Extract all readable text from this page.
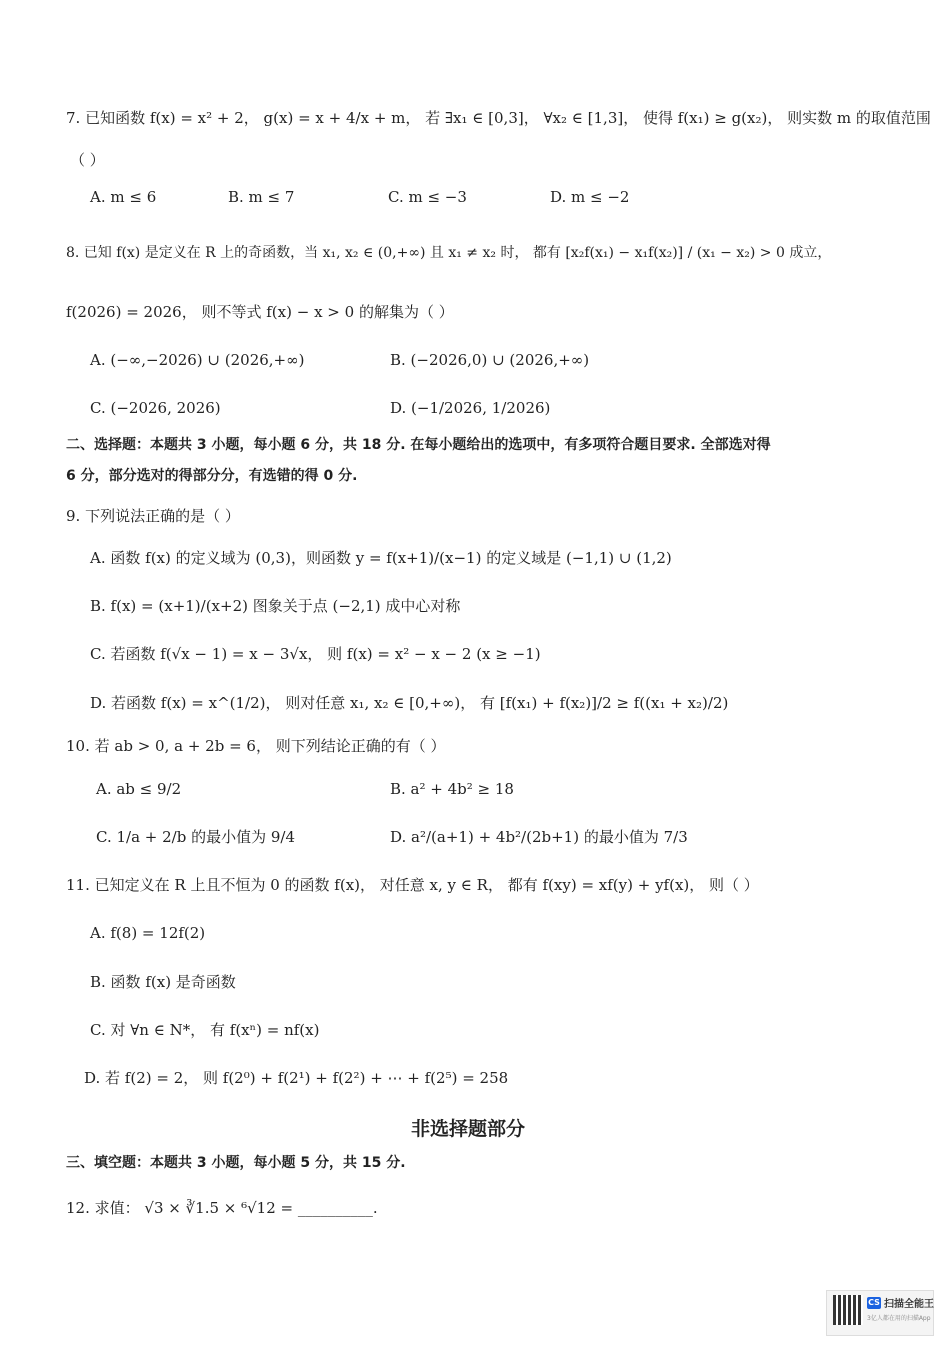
7. 已知函数 f(x) = x² + 2， g(x) = x + 4/x + m， 若 ∃x₁ ∈ [0,3]， ∀x₂ ∈ [1,3]， 使得 f(x₁) ≥ g(x₂)， 则实数 m 的取值范围
（ ）
A. m ≤ 6	B. m ≤ 7	C. m ≤ −3	D. m ≤ −2
8. 已知 f(x) 是定义在 R 上的奇函数，当 x₁, x₂ ∈ (0,+∞) 且 x₁ ≠ x₂ 时， 都有 [x₂f(x₁) − x₁f(x₂)] / (x₁ − x₂) > 0 成立，
f(2026) = 2026， 则不等式 f(x) − x > 0 的解集为（ ）
A. (−∞,−2026) ∪ (2026,+∞)	B. (−2026,0) ∪ (2026,+∞)
C. (−2026, 2026)	D. (−1/2026, 1/2026)
二、选择题：本题共 3 小题，每小题 6 分，共 18 分. 在每小题给出的选项中，有多项符合题目要求. 全部选对得
6 分，部分选对的得部分分，有选错的得 0 分.
9. 下列说法正确的是（ ）
A. 函数 f(x) 的定义域为 (0,3)，则函数 y = f(x+1)/(x−1) 的定义域是 (−1,1) ∪ (1,2)
B. f(x) = (x+1)/(x+2) 图象关于点 (−2,1) 成中心对称
C. 若函数 f(√x − 1) = x − 3√x， 则 f(x) = x² − x − 2 (x ≥ −1)
D. 若函数 f(x) = x^(1/2)， 则对任意 x₁, x₂ ∈ [0,+∞)， 有 [f(x₁) + f(x₂)]/2 ≥ f((x₁ + x₂)/2)
10. 若 ab > 0, a + 2b = 6， 则下列结论正确的有（ ）
A. ab ≤ 9/2	B. a² + 4b² ≥ 18
C. 1/a + 2/b 的最小值为 9/4	D. a²/(a+1) + 4b²/(2b+1) 的最小值为 7/3
11. 已知定义在 R 上且不恒为 0 的函数 f(x)， 对任意 x, y ∈ R， 都有 f(xy) = xf(y) + yf(x)， 则（ ）
A. f(8) = 12f(2)
B. 函数 f(x) 是奇函数
C. 对 ∀n ∈ N*， 有 f(xⁿ) = nf(x)
D. 若 f(2) = 2， 则 f(2⁰) + f(2¹) + f(2²) + ⋯ + f(2⁵) = 258
非选择题部分
三、填空题：本题共 3 小题，每小题 5 分，共 15 分.
12. 求值： √3 × ∛1.5 × ⁶√12 = __________.
CS 扫描全能王
3亿人都在用的扫描App
